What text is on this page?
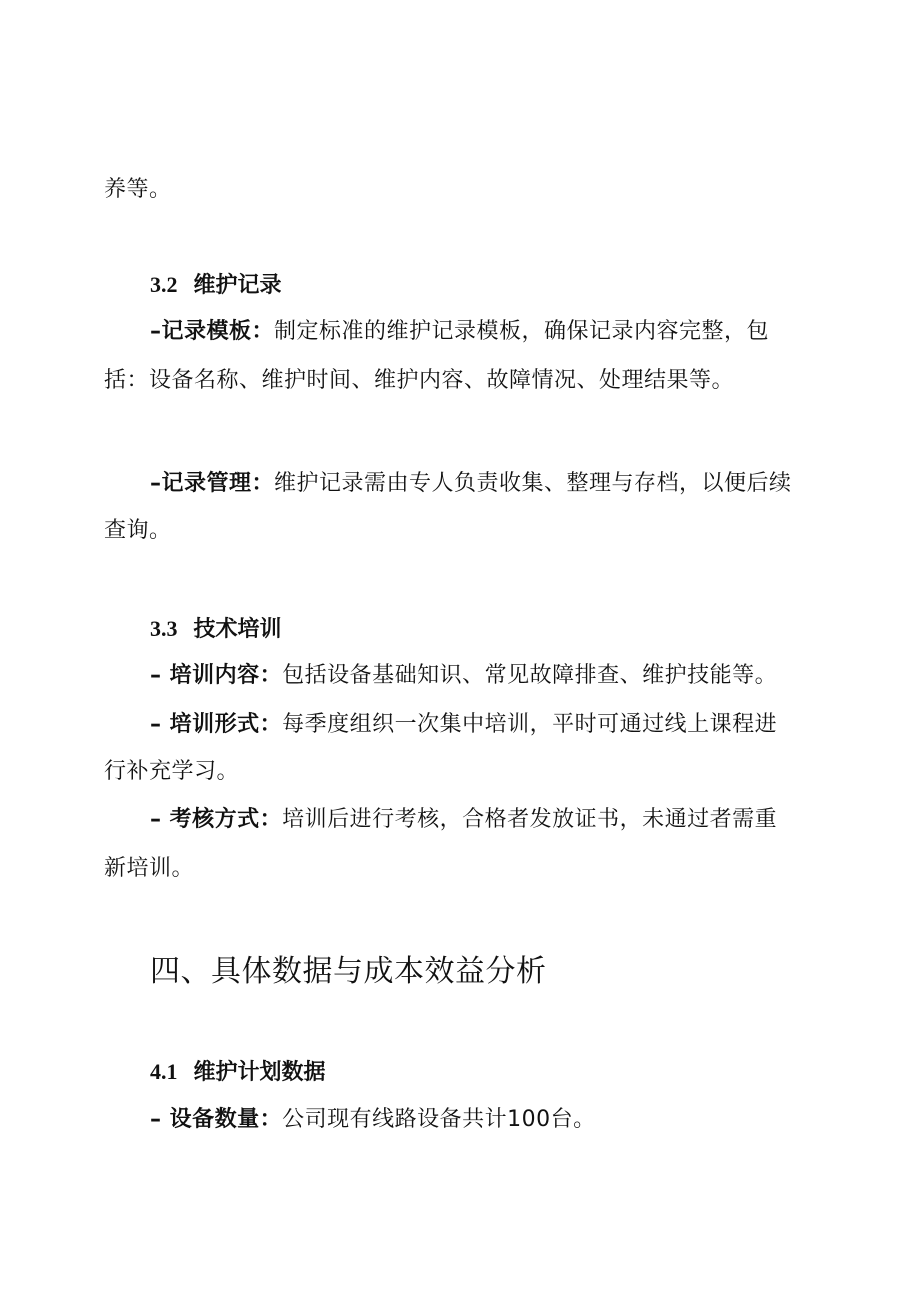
养等。
3.2 维护记录
–记录模板：制定标准的维护记录模板，确保记录内容完整，包
括：设备名称、维护时间、维护内容、故障情况、处理结果等。
–记录管理：维护记录需由专人负责收集、整理与存档，以便后续
查询。
3.3 技术培训
– 培训内容：包括设备基础知识、常见故障排查、维护技能等。
– 培训形式：每季度组织一次集中培训，平时可通过线上课程进
行补充学习。
– 考核方式：培训后进行考核，合格者发放证书，未通过者需重
新培训。
四、具体数据与成本效益分析
4.1 维护计划数据
– 设备数量：公司现有线路设备共计100台。
